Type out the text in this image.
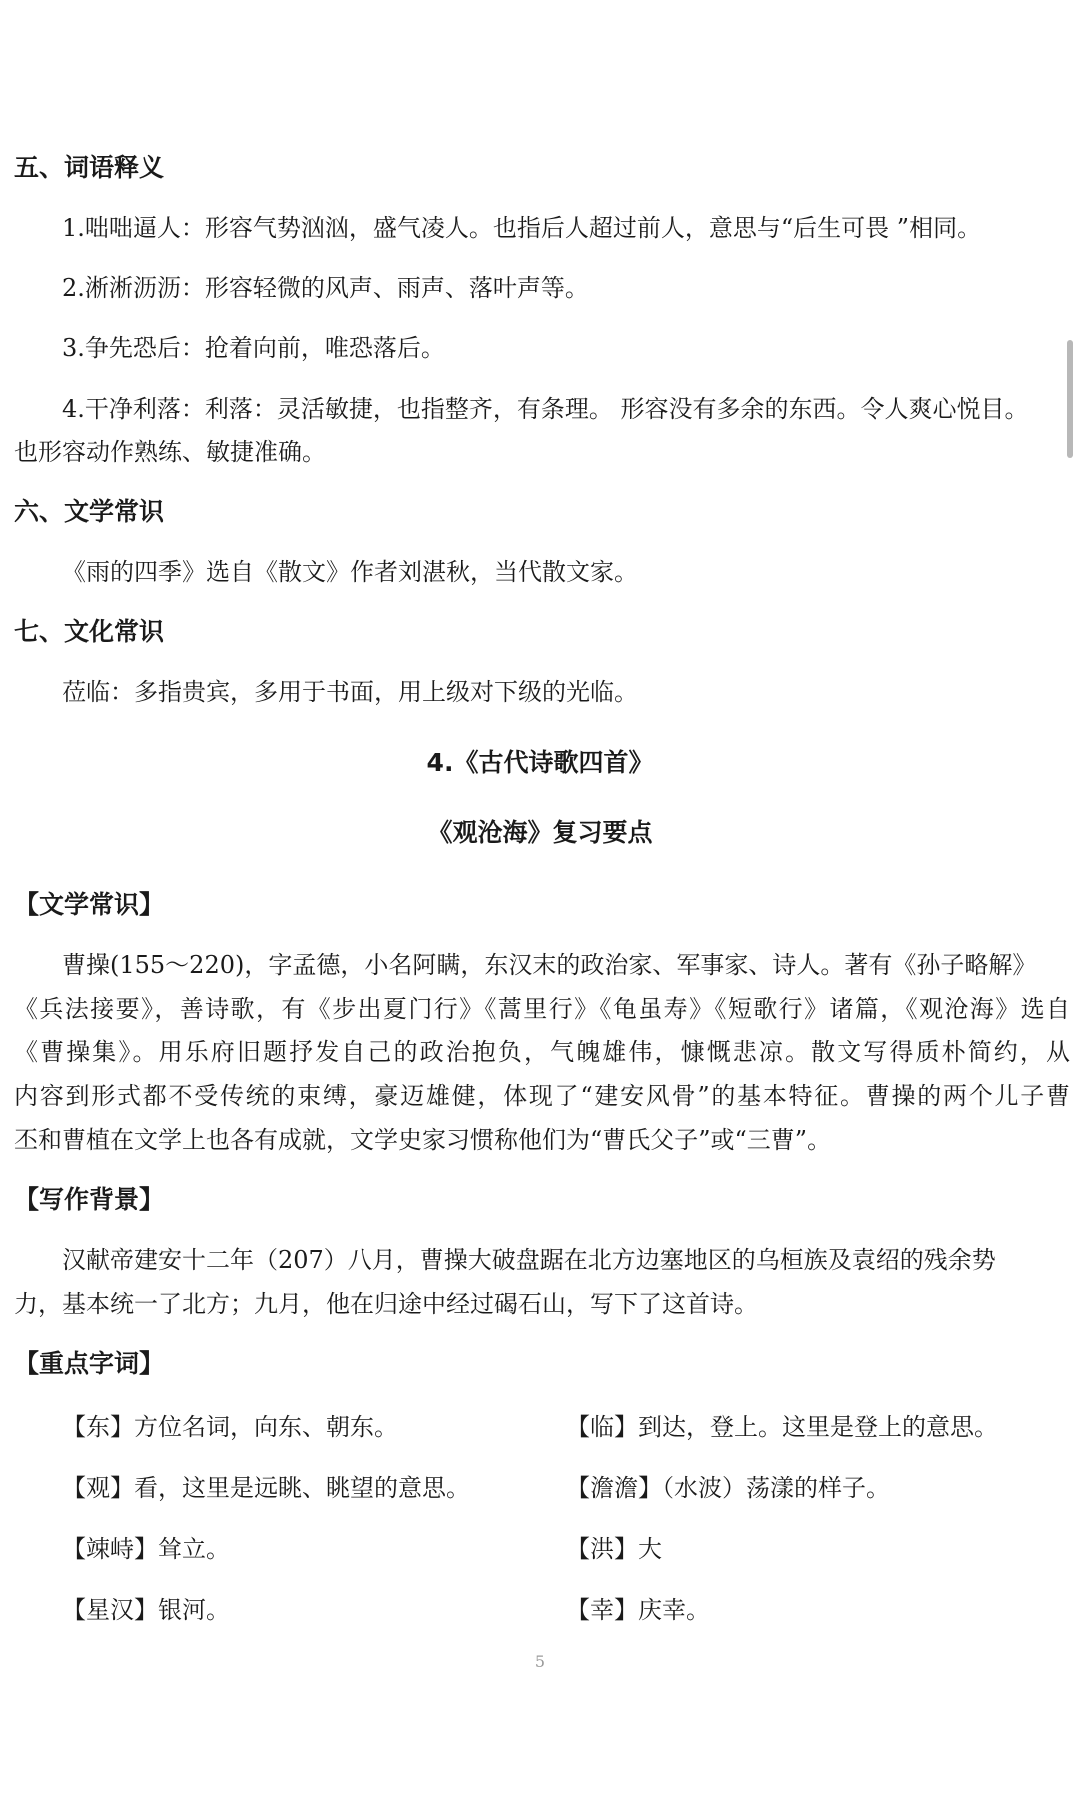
五、词语释义
1.咄咄逼人：形容气势汹汹，盛气凌人。也指后人超过前人，意思与“后生可畏 ”相同。
2.淅淅沥沥：形容轻微的风声、雨声、落叶声等。
3.争先恐后：抢着向前，唯恐落后。
4.干净利落：利落：灵活敏捷，也指整齐，有条理。 形容没有多余的东西。令人爽心悦目。
也形容动作熟练、敏捷准确。
六、文学常识
《雨的四季》选自《散文》作者刘湛秋，当代散文家。
七、文化常识
莅临：多指贵宾，多用于书面，用上级对下级的光临。
4.《古代诗歌四首》
《观沧海》复习要点
【文学常识】
曹操(155～220)，字孟德，小名阿瞒，东汉末的政治家、军事家、诗人。著有《孙子略解》
《兵法接要》，善诗歌，有《步出夏门行》《蒿里行》《龟虽寿》《短歌行》诸篇，《观沧海》选自
《曹操集》。用乐府旧题抒发自己的政治抱负，气魄雄伟，慷慨悲凉。散文写得质朴简约，从
内容到形式都不受传统的束缚，豪迈雄健，体现了“建安风骨”的基本特征。曹操的两个儿子曹
丕和曹植在文学上也各有成就，文学史家习惯称他们为“曹氏父子”或“三曹”。
【写作背景】
汉献帝建安十二年（207）八月，曹操大破盘踞在北方边塞地区的乌桓族及袁绍的残余势
力，基本统一了北方；九月，他在归途中经过碣石山，写下了这首诗。
【重点字词】
【东】方位名词，向东、朝东。	【临】到达，登上。这里是登上的意思。
【观】看，这里是远眺、眺望的意思。	【澹澹】（水波）荡漾的样子。
【竦峙】耸立。	【洪】大
【星汉】银河。	【幸】庆幸。
5
